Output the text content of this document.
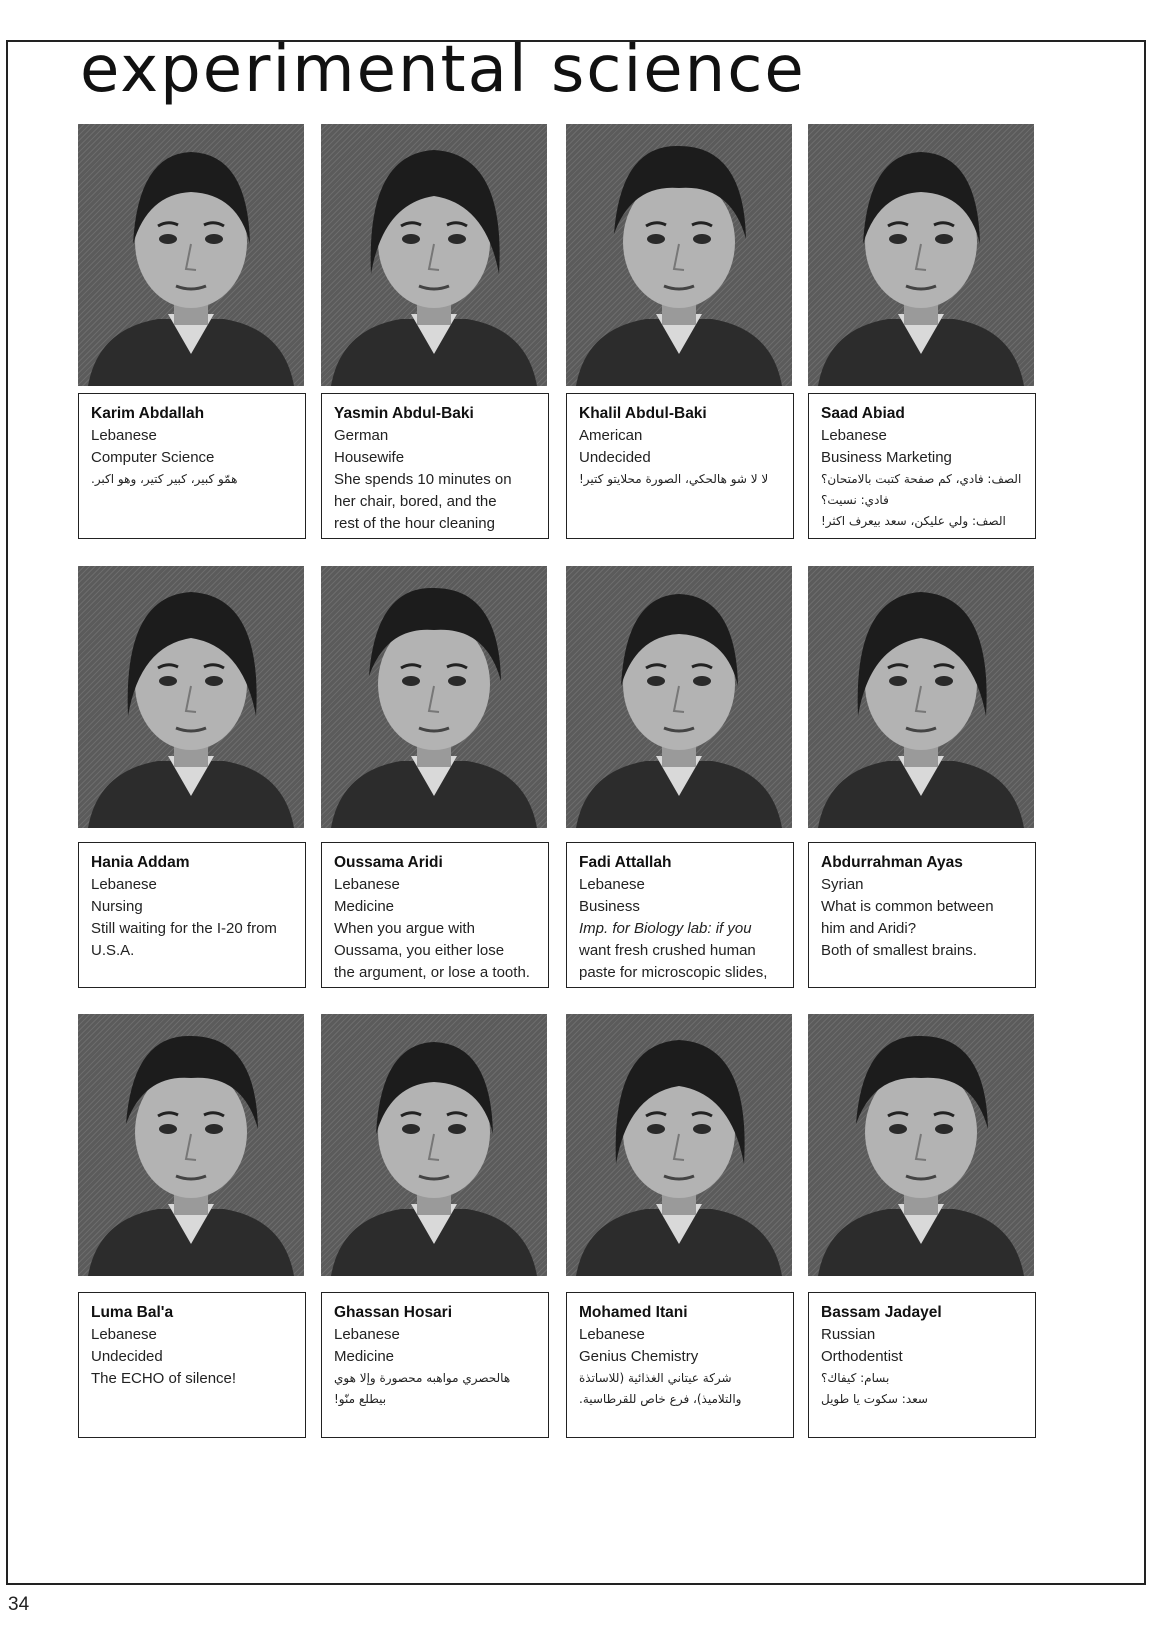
experimental science
Karim Abdallah
Lebanese
Computer Science
همّو كبير، كبير كتير، وهو اكبر.
Yasmin Abdul-Baki
German
Housewife
She spends 10 minutes on
her chair, bored, and the
rest of the hour cleaning
Khalil Abdul-Baki
American
Undecided
لا لا شو هالحكي، الصورة محلايتو كتير!
Saad Abiad
Lebanese
Business Marketing
الصف: فادي، كم صفحة كتبت بالامتحان؟
فادي: نسيت؟
الصف: ولي عليكن، سعد بيعرف اكثر!
Hania Addam
Lebanese
Nursing
Still waiting for the I-20 from
U.S.A.
Oussama Aridi
Lebanese
Medicine
When you argue with
Oussama, you either lose
the argument, or lose a tooth.
Fadi Attallah
Lebanese
Business
Imp. for Biology lab: if you
want fresh crushed human
paste for microscopic slides,
Abdurrahman Ayas
Syrian
What is common between
him and Aridi?
Both of smallest brains.
Luma Bal'a
Lebanese
Undecided
The ECHO of silence!
Ghassan Hosari
Lebanese
Medicine
هالحصري مواهبه محصورة وإلا هوي
بيطلع منّو!
Mohamed Itani
Lebanese
Genius Chemistry
شركة عيتاني الغذائية (للاساتذة
والتلاميذ)، فرع خاص للقرطاسية.
Bassam Jadayel
Russian
Orthodentist
بسام: كيفاك؟
سعد: سكوت يا طويل
34
